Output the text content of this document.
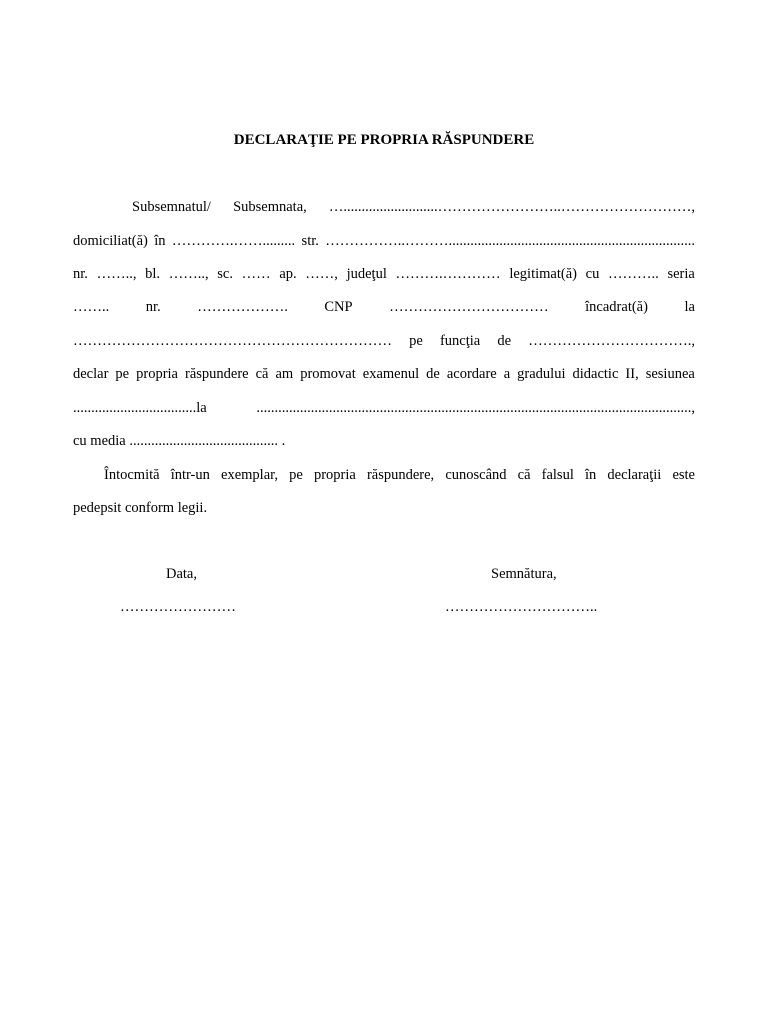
DECLARAŢIE PE PROPRIA RĂSPUNDERE
Subsemnatul/ Subsemnata, …..........................……………………..………………………,
domiciliat(ă) în ………….……......... str. ……………..………....................................................................
nr. …….., bl. …….., sc. …… ap. ……, judeţul ……….………… legitimat(ă) cu ……….. seria
……..	nr.	……………….	CNP	……………………………	încadrat(ă)	la
………………………………………………………… pe funcţia de …………………………….,
declar pe propria răspundere că am promovat examenul de acordare a gradului didactic II, sesiunea
..................................la	........................................................................................................................,
cu media ......................................... .
Întocmită într-un exemplar, pe propria răspundere, cunoscând că falsul în declaraţii este
pedepsit conform legii.
Data,
……………………
Semnătura,
…………………………..
